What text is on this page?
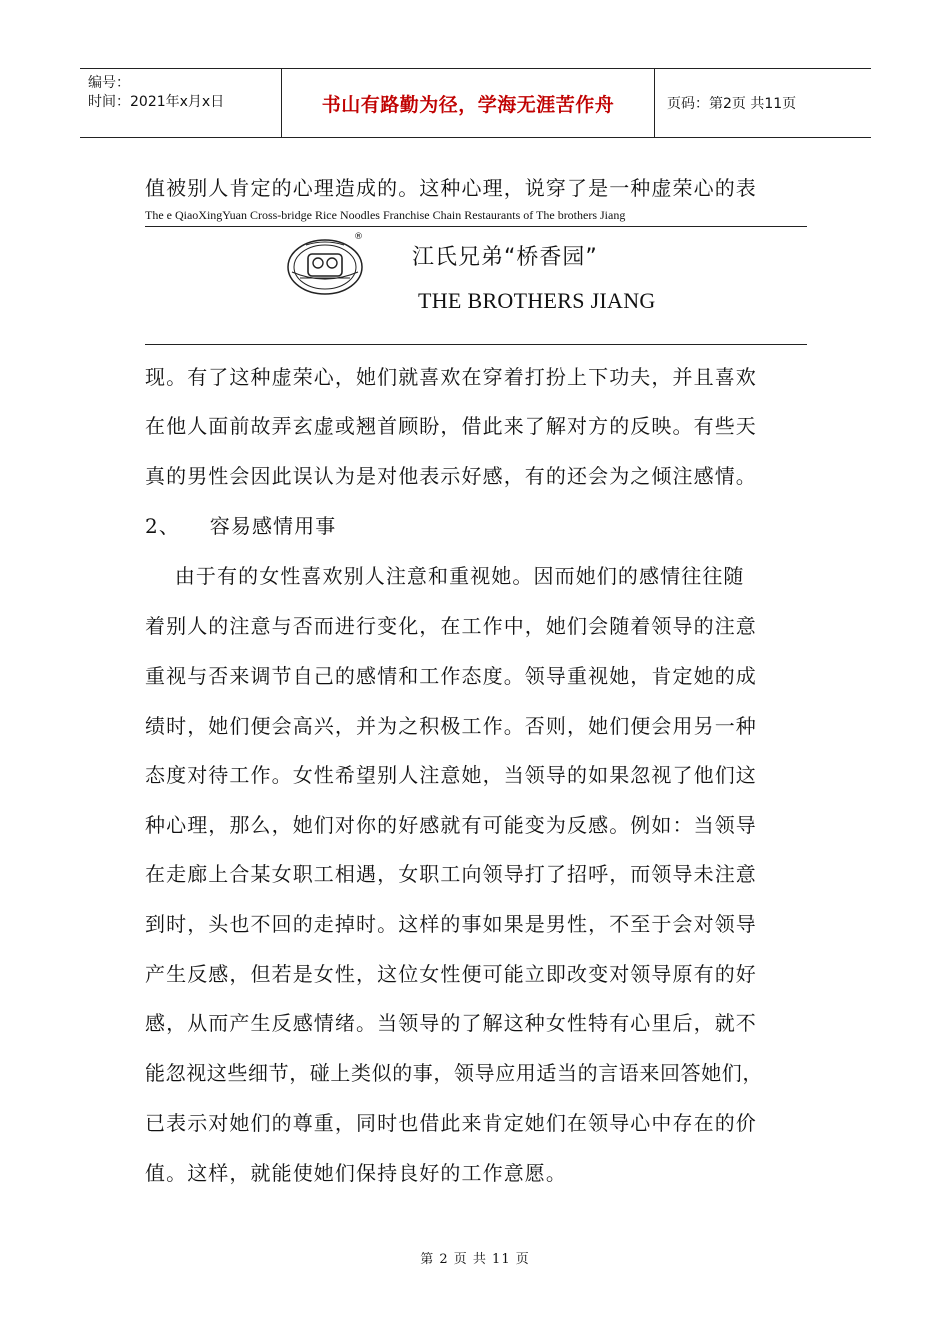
编号：
时间：2021年x月x日	书山有路勤为径，学海无涯苦作舟	页码：第2页 共11页
值被别人肯定的心理造成的。这种心理，说穿了是一种虚荣心的表
The e QiaoXingYuan Cross-bridge Rice Noodles Franchise Chain Restaurants of The brothers Jiang
®
江氏兄弟“桥香园”
THE BROTHERS JIANG
现。有了这种虚荣心，她们就喜欢在穿着打扮上下功夫，并且喜欢
在他人面前故弄玄虚或翘首顾盼，借此来了解对方的反映。有些天
真的男性会因此误认为是对他表示好感，有的还会为之倾注感情。
2、    容易感情用事
由于有的女性喜欢别人注意和重视她。因而她们的感情往往随
着别人的注意与否而进行变化，在工作中，她们会随着领导的注意
重视与否来调节自己的感情和工作态度。领导重视她，肯定她的成
绩时，她们便会高兴，并为之积极工作。否则，她们便会用另一种
态度对待工作。女性希望别人注意她，当领导的如果忽视了他们这
种心理，那么，她们对你的好感就有可能变为反感。例如：当领导
在走廊上合某女职工相遇，女职工向领导打了招呼，而领导未注意
到时，头也不回的走掉时。这样的事如果是男性，不至于会对领导
产生反感，但若是女性，这位女性便可能立即改变对领导原有的好
感，从而产生反感情绪。当领导的了解这种女性特有心里后，就不
能忽视这些细节，碰上类似的事，领导应用适当的言语来回答她们，
已表示对她们的尊重，同时也借此来肯定她们在领导心中存在的价
值。这样，就能使她们保持良好的工作意愿。
第 2 页 共 11 页
